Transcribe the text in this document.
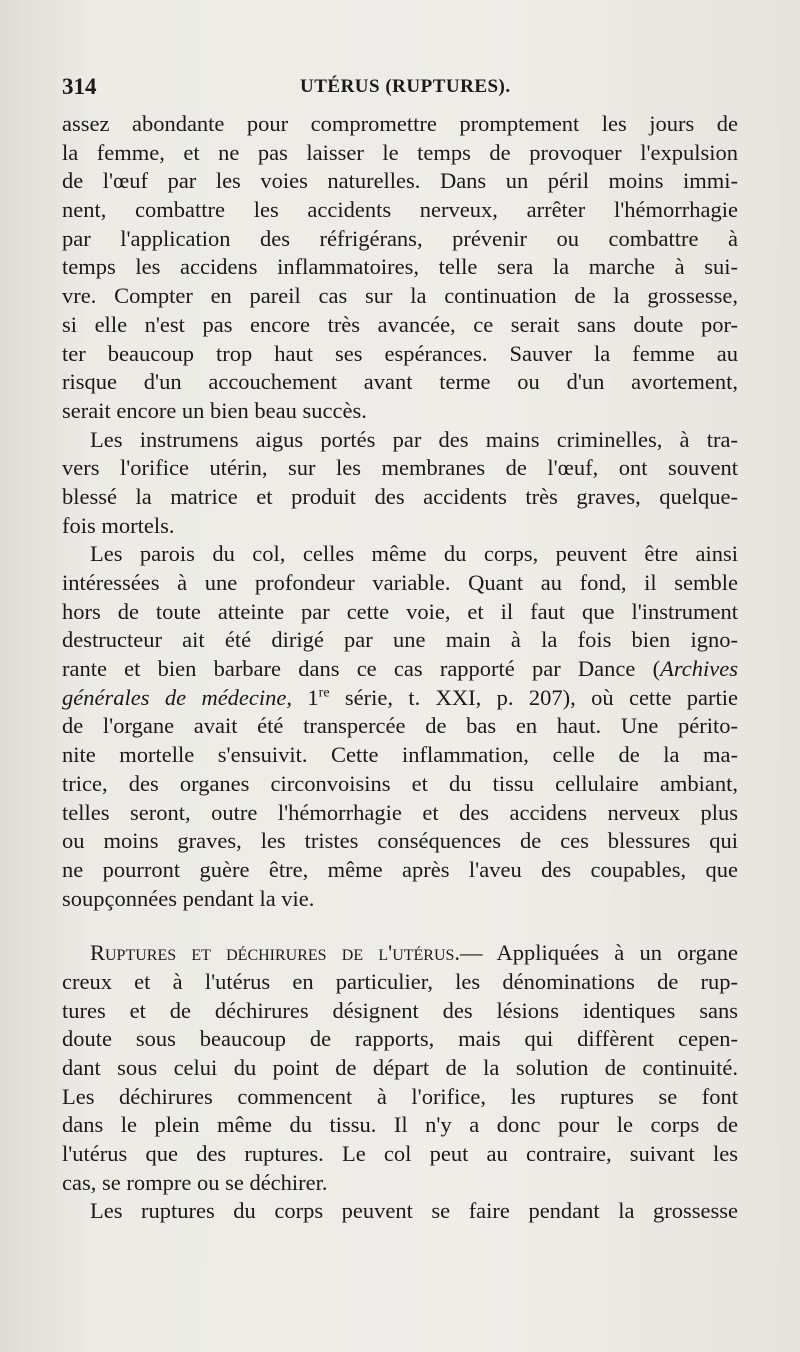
314	UTÉRUS (RUPTURES).
assez abondante pour compromettre promptement les jours de
la femme, et ne pas laisser le temps de provoquer l'expulsion
de l'œuf par les voies naturelles. Dans un péril moins immi-
nent, combattre les accidents nerveux, arrêter l'hémorrhagie
par l'application des réfrigérans, prévenir ou combattre à
temps les accidens inflammatoires, telle sera la marche à sui-
vre. Compter en pareil cas sur la continuation de la grossesse,
si elle n'est pas encore très avancée, ce serait sans doute por-
ter beaucoup trop haut ses espérances. Sauver la femme au
risque d'un accouchement avant terme ou d'un avortement,
serait encore un bien beau succès.
Les instrumens aigus portés par des mains criminelles, à tra-
vers l'orifice utérin, sur les membranes de l'œuf, ont souvent
blessé la matrice et produit des accidents très graves, quelque-
fois mortels.
Les parois du col, celles même du corps, peuvent être ainsi
intéressées à une profondeur variable. Quant au fond, il semble
hors de toute atteinte par cette voie, et il faut que l'instrument
destructeur ait été dirigé par une main à la fois bien igno-
rante et bien barbare dans ce cas rapporté par Dance (Archives
générales de médecine, 1re série, t. XXI, p. 207), où cette partie
de l'organe avait été transpercée de bas en haut. Une périto-
nite mortelle s'ensuivit. Cette inflammation, celle de la ma-
trice, des organes circonvoisins et du tissu cellulaire ambiant,
telles seront, outre l'hémorrhagie et des accidens nerveux plus
ou moins graves, les tristes conséquences de ces blessures qui
ne pourront guère être, même après l'aveu des coupables, que
soupçonnées pendant la vie.
Ruptures et déchirures de l'utérus.— Appliquées à un organe
creux et à l'utérus en particulier, les dénominations de rup-
tures et de déchirures désignent des lésions identiques sans
doute sous beaucoup de rapports, mais qui diffèrent cepen-
dant sous celui du point de départ de la solution de continuité.
Les déchirures commencent à l'orifice, les ruptures se font
dans le plein même du tissu. Il n'y a donc pour le corps de
l'utérus que des ruptures. Le col peut au contraire, suivant les
cas, se rompre ou se déchirer.
Les ruptures du corps peuvent se faire pendant la grossesse
